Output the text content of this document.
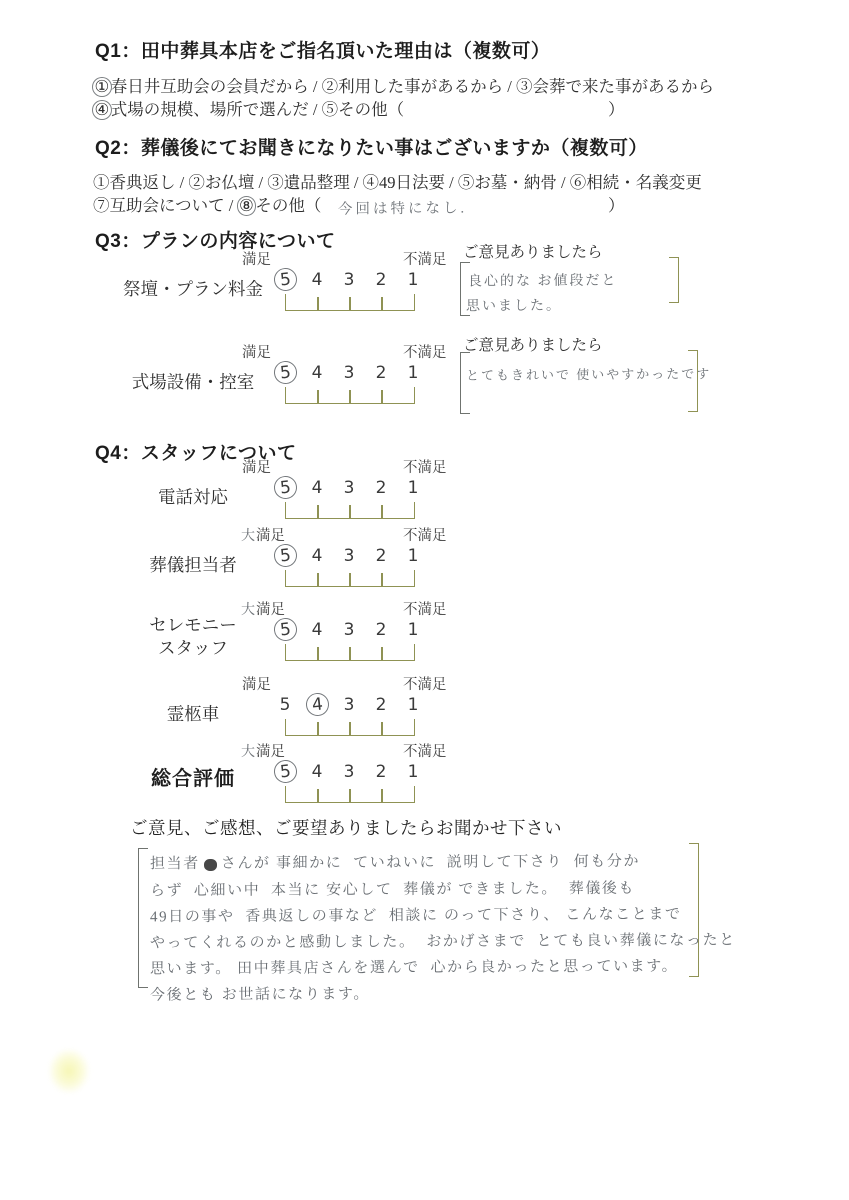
Q1：田中葬具本店をご指名頂いた理由は（複数可）
①春日井互助会の会員だから / ②利用した事があるから / ③会葬で来た事があるから
④式場の規模、場所で選んだ / ⑤その他（	）
Q2：葬儀後にてお聞きになりたい事はございますか（複数可）
①香典返し / ②お仏壇 / ③遺品整理 / ④49日法要 / ⑤お墓・納骨 / ⑥相続・名義変更
⑦互助会について / ⑧その他（ 今回は特になし.	）
Q3：プランの内容について
祭壇・プラン料金
満足	不満足
5	4	3	2	1
ご意見ありましたら
良心的な お値段だと
思いました。
式場設備・控室
満足	不満足
5	4	3	2	1
ご意見ありましたら
とてもきれいで 使いやすかったです
Q4：スタッフについて
電話対応
満足	不満足
5	4	3	2	1
葬儀担当者
大満足	不満足
5	4	3	2	1
セレモニー
スタッフ
大満足	不満足
5	4	3	2	1
霊柩車
満足	不満足
5	4	3	2	1
総合評価
大満足	不満足
5	4	3	2	1
ご意見、ご感想、ご要望ありましたらお聞かせ下さい
担当者 さんが 事細かに  ていねいに  説明して下さり  何も分か
らず  心細い中  本当に 安心して  葬儀が できました。  葬儀後も
49日の事や  香典返しの事など  相談に のって下さり、 こんなことまで
やってくれるのかと感動しました。  おかげさまで  とても良い葬儀になったと
思います。 田中葬具店さんを選んで  心から良かったと思っています。
今後とも お世話になります。
